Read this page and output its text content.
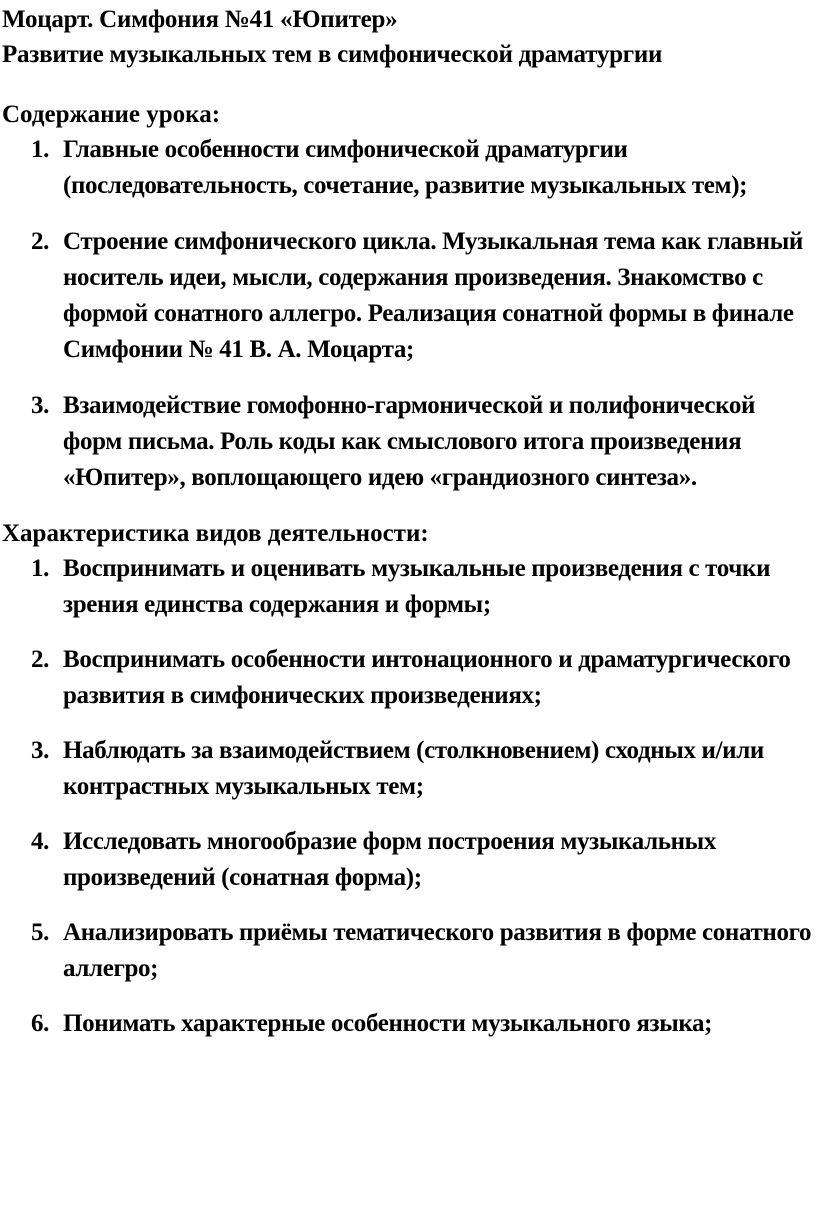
Моцарт. Симфония №41 «Юпитер»

Развитие музыкальных тем в симфонической драматургии

Содержание урока:

1. Главные особенности симфонической драматургии (последовательность, сочетание, развитие музыкальных тем);
2. Строение симфонического цикла. Музыкальная тема как главный носитель идеи, мысли, содержания произведения. Знакомство с формой сонатного аллегро. Реализация сонатной формы в финале Симфонии № 41 В. А. Моцарта;
3. Взаимодействие гомофонно-гармонической и полифонической форм письма. Роль коды как смыслового итога произведения «Юпитер», воплощающего идею «грандиозного синтеза».

Характеристика видов деятельности:

1. Воспринимать и оценивать музыкальные произведения с точки зрения единства содержания и формы;
2. Воспринимать особенности интонационного и драматургического развития в симфонических произведениях;
3. Наблюдать за взаимодействием (столкновением) сходных и/или контрастных музыкальных тем;
4. Исследовать многообразие форм построения музыкальных произведений (сонатная форма);
5. Анализировать приёмы тематического развития в форме сонатного аллегро;
6. Понимать характерные особенности музыкального языка;
